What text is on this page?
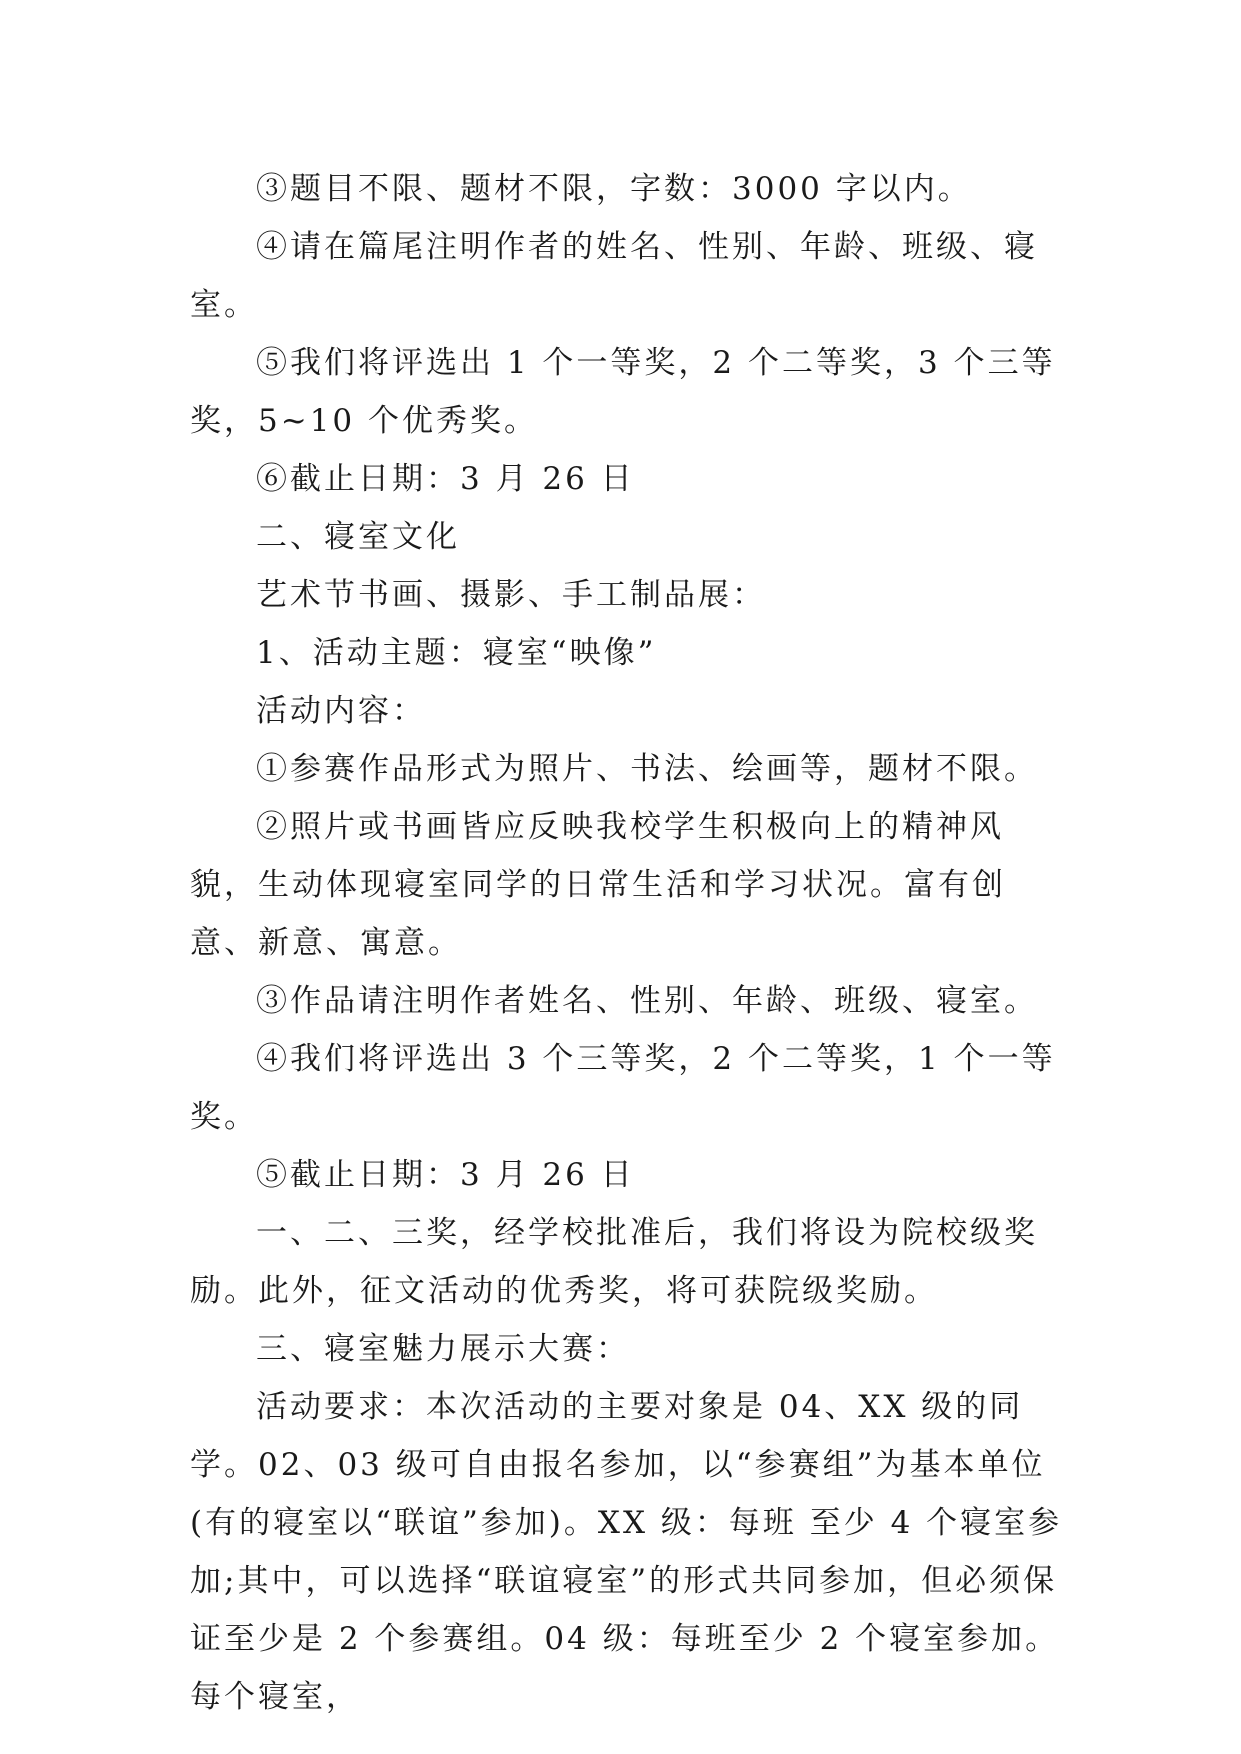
③题目不限、题材不限，字数：3000 字以内。

④请在篇尾注明作者的姓名、性别、年龄、班级、寝室。

⑤我们将评选出 1 个一等奖，2 个二等奖，3 个三等奖，5~10 个优秀奖。

⑥截止日期：3 月 26 日

二、寝室文化

艺术节书画、摄影、手工制品展：

1、活动主题：寝室“映像”

活动内容：

①参赛作品形式为照片、书法、绘画等，题材不限。

②照片或书画皆应反映我校学生积极向上的精神风貌，生动体现寝室同学的日常生活和学习状况。富有创意、新意、寓意。

③作品请注明作者姓名、性别、年龄、班级、寝室。

④我们将评选出 3 个三等奖，2 个二等奖，1 个一等奖。

⑤截止日期：3 月 26 日

一、二、三奖，经学校批准后，我们将设为院校级奖励。此外，征文活动的优秀奖，将可获院级奖励。

三、寝室魅力展示大赛：

活动要求：本次活动的主要对象是 04、XX 级的同学。02、03 级可自由报名参加，以“参赛组”为基本单位(有的寝室以“联谊”参加)。XX 级：每班 至少 4 个寝室参加;其中，可以选择“联谊寝室”的形式共同参加，但必须保证至少是 2 个参赛组。04 级：每班至少 2 个寝室参加。每个寝室，
